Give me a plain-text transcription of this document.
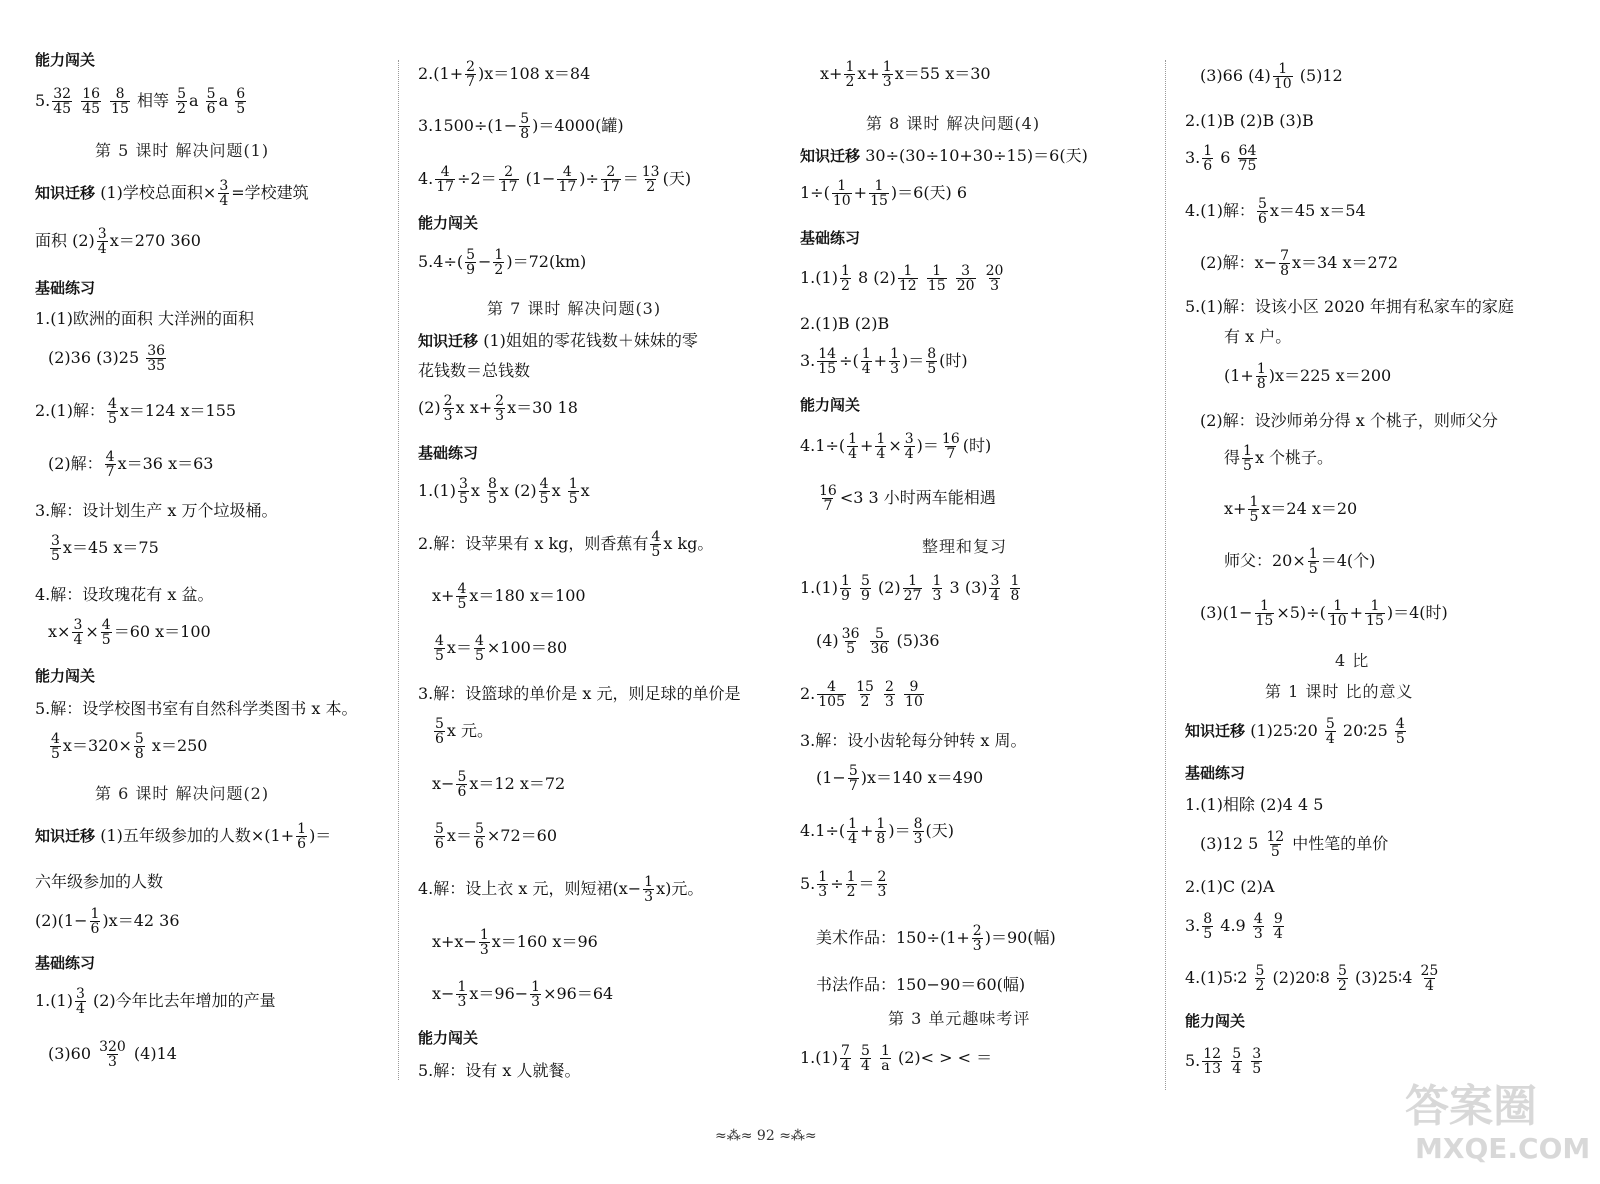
能力闯关
5. $\frac{32}{45}$
$\frac{16}{45}$
$\frac{8}{15}$ 相等 $\frac{5}{2}$ a $\frac{5}{6}$ a $\frac{6}{5}$
第 5 课时 解决问题(1)
知识迁移 (1)学校总面积× $\frac{3}{4}$ =学校建筑
面积 $(2) \frac{3}{4} x=270$ 360
基础练习
1.(1)欧洲的面积 大洋洲的面积
(2)36 $(3)25 \frac{36}{35}$
2.(1)解： $\frac{4}{5} x=124$ x＝155
(2)解： $\frac{4}{7} x=36$ x＝63
3.解：设计划生产 x 万个垃圾桶。
$\frac{3}{5} x=45$ x＝75
4.解：设玫瑰花有 x 盆。
$x\times \frac{3}{4} \times \frac{4}{5} =60$ x＝100
能力闯关
5.解：设学校图书室有自然科学类图书 x 本。
$\frac{4}{5} x=320\times \frac{5}{8} x=250$
第 6 课时 解决问题(2)
知识迁移 (1)五年级参加的人数$\times(1+ \frac{1}{6}$ )＝
六年级参加的人数
$(2)(1- \frac{1}{6} )x=42$ 36
基础练习
$1.(1) \frac{3}{4} (2)$今年比去年增加的产量
$(3)60 \frac{320}{3} (4)14$
$2.(1+ \frac{2}{7} )x=108$ x＝84
$3.1500\div(1- \frac{5}{8} )=4000$(罐)
4. $\frac{4}{17} \div 2= \frac{2}{17} (1- \frac{4}{17}$ )÷ $\frac{2}{17} = \frac{13}{2}$ (天)
能力闯关
$5.4\div( \frac{5}{9} - \frac{1}{2} )=72(km)$
第 7 课时 解决问题(3)
知识迁移 (1)姐姐的零花钱数＋妹妹的零
花钱数＝总钱数
$(2) \frac{2}{3}$ x $x+ \frac{2}{3} x=30$ 18
基础练习
$1.(1) \frac{3}{5}$ x $\frac{8}{5}$ x $(2) \frac{4}{5}$ x $\frac{1}{5}$ x
2.解：设苹果有 x kg，则香蕉有 $\frac{4}{5}$ x kg。
$x+ \frac{4}{5} x=180$ x＝100
$\frac{4}{5} x= \frac{4}{5} \times 100=80$
3.解：设篮球的单价是 x 元，则足球的单价是
$\frac{5}{6}$ x 元。
$x- \frac{5}{6} x=12$ x＝72
$\frac{5}{6} x= \frac{5}{6} \times 72=60$
4.解：设上衣 x 元，则短裙$(x- \frac{1}{3} x)$元。
$x+x- \frac{1}{3} x=160$ x＝96
$x- \frac{1}{3} x=96- \frac{1}{3} \times 96=64$
能力闯关
5.解：设有 x 人就餐。
$x+ \frac{1}{2} x+ \frac{1}{3} x=55$ x＝30
第 8 课时 解决问题(4)
知识迁移 30÷(30÷10+30÷15)＝6(天)
$1\div( \frac{1}{10} + \frac{1}{15} )=6$(天) 6
基础练习
$1.(1) \frac{1}{2} 8$ $(2) \frac{1}{12}$
$\frac{1}{15}$
$\frac{3}{20}$
$\frac{20}{3}$
2.(1)B (2)B
3. $\frac{14}{15}$ ÷( $\frac{1}{4} + \frac{1}{3}$ )＝ $\frac{8}{5}$ (时)
能力闯关
$4.1\div( \frac{1}{4} + \frac{1}{4} \times \frac{3}{4}$ )＝ $\frac{16}{7}$ (时)
$\frac{16}{7} <3$ 3 小时两车能相遇
整理和复习
$1.(1) \frac{1}{9}$
$\frac{5}{9} (2) \frac{1}{27}$
$\frac{1}{3} 3$ $(3) \frac{3}{4}$
$\frac{1}{8}$
$(4) \frac{36}{5}$
$\frac{5}{36} (5)36$
2. $\frac{4}{105}$
$\frac{15}{2}$
$\frac{2}{3}$
$\frac{9}{10}$
3.解：设小齿轮每分钟转 x 周。
$(1- \frac{5}{7} )x=140$ x＝490
$4.1\div( \frac{1}{4} + \frac{1}{8}$ )＝ $\frac{8}{3}$ (天)
5. $\frac{1}{3} \div \frac{1}{2} = \frac{2}{3}$
美术作品：$150\div(1+ \frac{2}{3} )=90$(幅)
书法作品：150−90＝60(幅)
第 3 单元趣味考评
$1.(1) \frac{7}{4}$
$\frac{5}{4}$
$\frac{1}{a} (2)<$ > < ＝
(3)66 $(4) \frac{1}{10} (5)12$
2.(1)B (2)B (3)B
3. $\frac{1}{6} 6 \frac{64}{75}$
4.(1)解： $\frac{5}{6} x=45$ x＝54
(2)解：$x- \frac{7}{8} x=34$ x＝272
5.(1)解：设该小区 2020 年拥有私家车的家庭
有 x 户。
$(1+ \frac{1}{8} )x=225$ x＝200
(2)解：设沙师弟分得 x 个桃子，则师父分
得 $\frac{1}{5}$ x 个桃子。
$x+ \frac{1}{5} x=24$ x＝20
师父：$20\times \frac{1}{5} =4$(个)
$(3)(1- \frac{1}{15} \times 5)\div( \frac{1}{10} + \frac{1}{15} )=4$(时)
4 比
第 1 课时 比的意义
知识迁移 (1)25∶20 $\frac{5}{4}$ 20∶25 $\frac{4}{5}$
基础练习
1.(1)相除 (2)4 4 5
(3)12 $5 \frac{12}{5}$ 中性笔的单价
2.(1)C (2)A
3. $\frac{8}{5} 4.9 \frac{4}{3}$
$\frac{9}{4}$
4.(1)5∶2 $\frac{5}{2}$ (2)20∶8 $\frac{5}{2}$ (3)25∶4 $\frac{25}{4}$
能力闯关
5. $\frac{12}{13}$
$\frac{5}{4}$
$\frac{3}{5}$
≈⁂≈ 92 ≈⁂≈
答案圈
MXQE.COM
